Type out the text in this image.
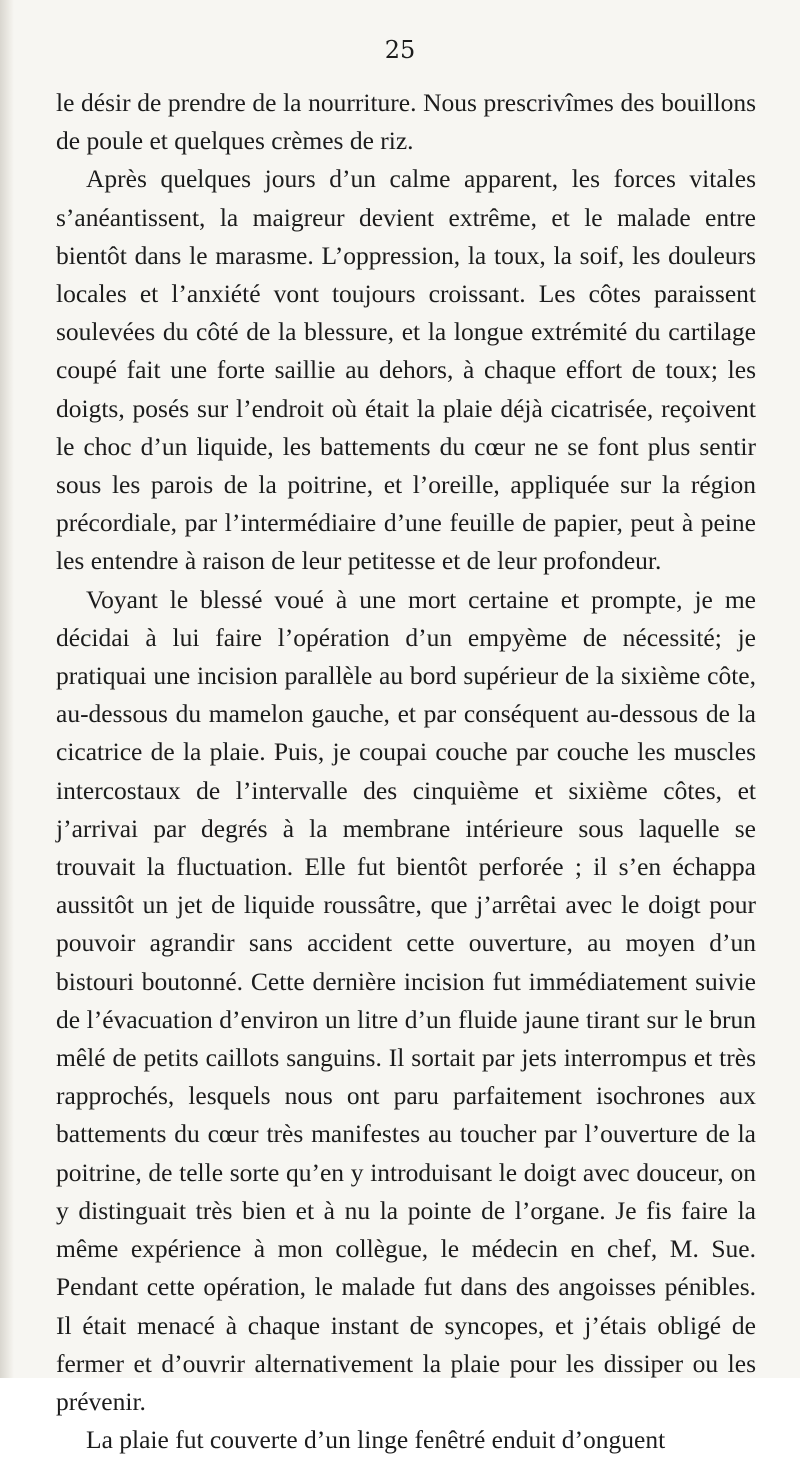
25

le désir de prendre de la nourriture. Nous prescrivîmes des bouillons de poule et quelques crèmes de riz.

Après quelques jours d’un calme apparent, les forces vitales s’anéantissent, la maigreur devient extrême, et le malade entre bientôt dans le marasme. L’oppression, la toux, la soif, les douleurs locales et l’anxiété vont toujours croissant. Les côtes paraissent soulevées du côté de la blessure, et la longue extrémité du cartilage coupé fait une forte saillie au dehors, à chaque effort de toux; les doigts, posés sur l’endroit où était la plaie déjà cicatrisée, reçoivent le choc d’un liquide, les battements du cœur ne se font plus sentir sous les parois de la poitrine, et l’oreille, appliquée sur la région précordiale, par l’intermédiaire d’une feuille de papier, peut à peine les entendre à raison de leur petitesse et de leur profondeur.

Voyant le blessé voué à une mort certaine et prompte, je me décidai à lui faire l’opération d’un empyème de nécessité; je pratiquai une incision parallèle au bord supérieur de la sixième côte, au-dessous du mamelon gauche, et par conséquent au-dessous de la cicatrice de la plaie. Puis, je coupai couche par couche les muscles intercostaux de l’intervalle des cinquième et sixième côtes, et j’arrivai par degrés à la membrane intérieure sous laquelle se trouvait la fluctuation. Elle fut bientôt perforée ; il s’en échappa aussitôt un jet de liquide roussâtre, que j’arrêtai avec le doigt pour pouvoir agrandir sans accident cette ouverture, au moyen d’un bistouri boutonné. Cette dernière incision fut immédiatement suivie de l’évacuation d’environ un litre d’un fluide jaune tirant sur le brun mêlé de petits caillots sanguins. Il sortait par jets interrompus et très rapprochés, lesquels nous ont paru parfaitement isochrones aux battements du cœur très manifestes au toucher par l’ouverture de la poitrine, de telle sorte qu’en y introduisant le doigt avec douceur, on y distinguait très bien et à nu la pointe de l’organe. Je fis faire la même expérience à mon collègue, le médecin en chef, M. Sue. Pendant cette opération, le malade fut dans des angoisses pénibles. Il était menacé à chaque instant de syncopes, et j’étais obligé de fermer et d’ouvrir alternativement la plaie pour les dissiper ou les prévenir.

La plaie fut couverte d’un linge fenêtré enduit d’onguent
